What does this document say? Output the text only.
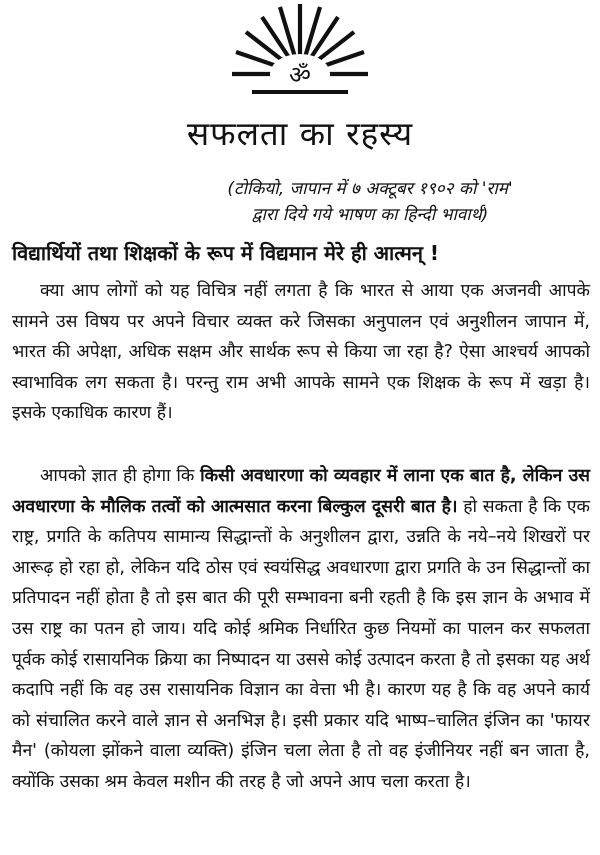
ॐ
सफलता का रहस्य
(टोकियो, जापान में ७ अक्टूबर १९०२ को 'राम'
द्वारा दिये गये भाषण का हिन्दी भावार्थ)
विद्यार्थियों तथा शिक्षकों के रूप में विद्यमान मेरे ही आत्मन् !
क्या आप लोगों को यह विचित्र नहीं लगता है कि भारत से आया एक अजनवी आपके सामने उस विषय पर अपने विचार व्यक्त करे जिसका अनुपालन एवं अनुशीलन जापान में, भारत की अपेक्षा, अधिक सक्षम और सार्थक रूप से किया जा रहा है? ऐसा आश्चर्य आपको स्वाभाविक लग सकता है। परन्तु राम अभी आपके सामने एक शिक्षक के रूप में खड़ा है। इसके एकाधिक कारण हैं।
आपको ज्ञात ही होगा कि किसी अवधारणा को व्यवहार में लाना एक बात है, लेकिन उस अवधारणा के मौलिक तत्वों को आत्मसात करना बिल्कुल दूसरी बात है। हो सकता है कि एक राष्ट्र, प्रगति के कतिपय सामान्य सिद्धान्तों के अनुशीलन द्वारा, उन्नति के नये–नये शिखरों पर आरूढ़ हो रहा हो, लेकिन यदि ठोस एवं स्वयंसिद्ध अवधारणा द्वारा प्रगति के उन सिद्धान्तों का प्रतिपादन नहीं होता है तो इस बात की पूरी सम्भावना बनी रहती है कि इस ज्ञान के अभाव में उस राष्ट्र का पतन हो जाय। यदि कोई श्रमिक निर्धारित कुछ नियमों का पालन कर सफलता पूर्वक कोई रासायनिक क्रिया का निष्पादन या उससे कोई उत्पादन करता है तो इसका यह अर्थ कदापि नहीं कि वह उस रासायनिक विज्ञान का वेत्ता भी है। कारण यह है कि वह अपने कार्य को संचालित करने वाले ज्ञान से अनभिज्ञ है। इसी प्रकार यदि भाष्प–चालित इंजिन का 'फायर मैन' (कोयला झोंकने वाला व्यक्ति) इंजिन चला लेता है तो वह इंजीनियर नहीं बन जाता है, क्योंकि उसका श्रम केवल मशीन की तरह है जो अपने आप चला करता है।
